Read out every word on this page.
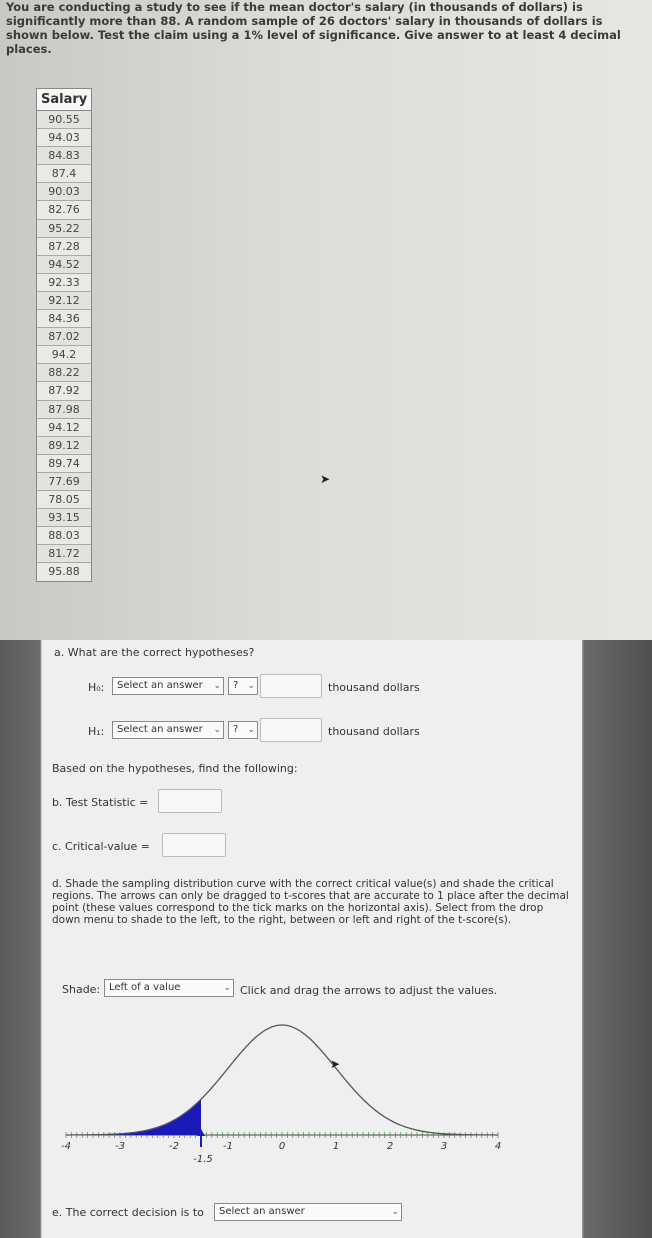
You are conducting a study to see if the mean doctor's salary (in thousands of dollars) is significantly more than 88. A random sample of 26 doctors' salary in thousands of dollars is shown below. Test the claim using a 1% level of significance. Give answer to at least 4 decimal places.
Salary
90.55
94.03
84.83
87.4
90.03
82.76
95.22
87.28
94.52
92.33
92.12
84.36
87.02
94.2
88.22
87.92
87.98
94.12
89.12
89.74
77.69
78.05
93.15
88.03
81.72
95.88
➤
a. What are the correct hypotheses?
H₀:	Select an answer ⌄	? ⌄	thousand dollars
H₁:	Select an answer ⌄	? ⌄	thousand dollars
Based on the hypotheses, find the following:
b. Test Statistic =
c. Critical-value =
d. Shade the sampling distribution curve with the correct critical value(s) and shade the critical regions. The arrows can only be dragged to t-scores that are accurate to 1 place after the decimal point (these values correspond to the tick marks on the horizontal axis). Select from the drop down menu to shade to the left, to the right, between or left and right of the t-score(s).
Shade: Left of a value	⌄ Click and drag the arrows to adjust the values.
-4	-3	-2	-1	0	1	2	3	4
-1.5
➤
e. The correct decision is to	Select an answer	⌄
